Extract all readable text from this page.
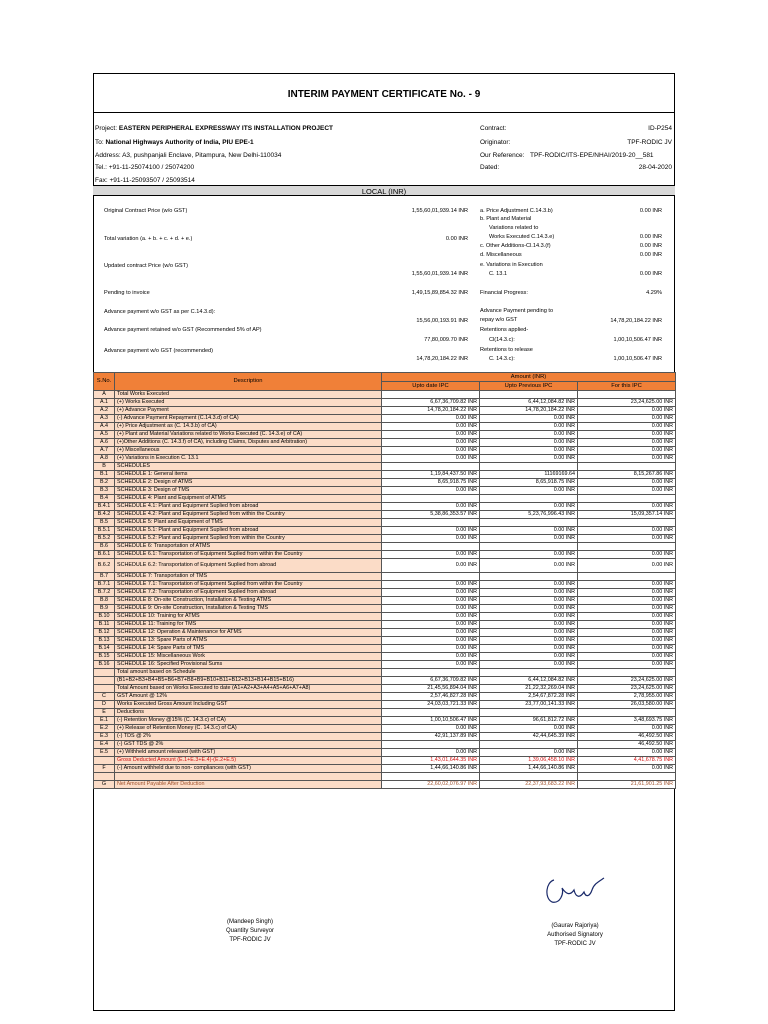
INTERIM PAYMENT CERTIFICATE No. - 9
Project: EASTERN PERIPHERAL EXPRESSWAY ITS INSTALLATION PROJECT
To: National Highways Authority of India, PIU EPE-1
Address: A3, pushpanjali Enclave, Pitampura, New Delhi-110034
Tel.: +91-11-25074100 / 25074200
Fax: +91-11-25093507 / 25093514
Contract:	ID-P254
Originator:	TPF-RODIC JV
Our Reference: TPF-RODIC/ITS-EPE/NHAI/2019-20__581
Dated:	28-04-2020
LOCAL (INR)
Original Contract Price (w/o GST)	1,55,60,01,939.14 INR
Total variation (a. + b. + c. + d. + e.)	0.00 INR
Updated contract Price (w/o GST)
1,55,60,01,939.14 INR
Pending to invoice	1,49,15,89,854.32 INR
Advance payment w/o GST as per C.14.3.d):
15,56,00,193.91 INR
Advance payment retained w/o GST (Recommended 5% of AP)
77,80,009.70 INR
Advance payment w/o GST (recommended)
14,78,20,184.22 INR
a. Price Adjustment C.14.3.b)	0.00 INR
b. Plant and Material
Variations related to
Works Executed C.14.3.e)	0.00 INR
c. Other Additions-Cl.14.3.(f)	0.00 INR
d. Miscellaneous	0.00 INR
e. Variations in Execution
C. 13.1	0.00 INR
Financial Progress:	4.29%
Advance Payment pending to
repay w/o GST	14,78,20,184.22 INR
Retentions applied-
Cl(14.3.c):	1,00,10,506.47 INR
Retentions to release
C. 14.3.c):	1,00,10,506.47 INR
S.No.	Description	Amount (INR)		
		Upto date IPC	Upto Previous IPC	For this IPC
A	Total Works Executed			
A.1	(+) Works Executed	6,67,36,709.82 INR	6,44,12,084.82 INR	23,24,625.00 INR
A.2	(+) Advance Payment	14,78,20,184.22 INR	14,78,20,184.22 INR	0.00 INR
A.3	(-) Advance Payment Repayment (C.14.3.d) of CA)	0.00 INR	0.00 INR	0.00 INR
A.4	(+) Price Adjustment as (C. 14.3.b) of CA)	0.00 INR	0.00 INR	0.00 INR
A.5	(+) Plant and Material Variations related to Works Executed (C. 14.3.e) of CA)	0.00 INR	0.00 INR	0.00 INR
A.6	(+)Other Additions (C. 14.3.f) of CA), including Claims, Disputes and Arbitration)	0.00 INR	0.00 INR	0.00 INR
A.7	(+) Miscellaneous	0.00 INR	0.00 INR	0.00 INR
A.8	(+) Variations in Execution C. 13.1	0.00 INR	0.00 INR	0.00 INR
B	SCHEDULES			
B.1	SCHEDULE 1: General items	1,19,84,437.50 INR	11169169.64	8,15,267.86 INR
B.2	SCHEDULE 2: Design of ATMS	8,65,918.75 INR	8,65,918.75 INR	0.00 INR
B.3	SCHEDULE 3: Design of TMS	0.00 INR	0.00 INR	0.00 INR
B.4	SCHEDULE 4: Plant and Equipment of ATMS			
B.4.1	SCHEDULE 4.1: Plant and Equipment Suplied from abroad	0.00 INR	0.00 INR	0.00 INR
B.4.2	SCHEDULE 4.2: Plant and Equipment Suplied from within the Country	5,38,86,353.57 INR	5,23,76,996.43 INR	15,09,357.14 INR
B.5	SCHEDULE 5: Plant and Equipment of TMS			
B.5.1	SCHEDULE 5.1: Plant and Equipment Suplied from abroad	0.00 INR	0.00 INR	0.00 INR
B.5.2	SCHEDULE 5.2: Plant and Equipment Suplied from within the Country	0.00 INR	0.00 INR	0.00 INR
B.6	SCHEDULE 6: Transportation of ATMS			
B.6.1	SCHEDULE 6.1: Transportation of Equipment Suplied from within the Country	0.00 INR	0.00 INR	0.00 INR
B.6.2	SCHEDULE 6.2: Transportation of Equipment Suplied from abroad	0.00 INR	0.00 INR	0.00 INR
B.7	SCHEDULE 7: Transportation of TMS			
B.7.1	SCHEDULE 7.1: Transportation of Equipment Suplied from within the Country	0.00 INR	0.00 INR	0.00 INR
B.7.2	SCHEDULE 7.2: Transportation of Equipment Suplied from abroad	0.00 INR	0.00 INR	0.00 INR
B.8	SCHEDULE 8: On-site Construction, Installation & Testing ATMS	0.00 INR	0.00 INR	0.00 INR
B.9	SCHEDULE 9: On-site Construction, Installation & Testing TMS	0.00 INR	0.00 INR	0.00 INR
B.10	SCHEDULE 10: Training for ATMS	0.00 INR	0.00 INR	0.00 INR
B.11	SCHEDULE 11: Training for TMS	0.00 INR	0.00 INR	0.00 INR
B.12	SCHEDULE 12: Operation & Maintenance for ATMS	0.00 INR	0.00 INR	0.00 INR
B.13	SCHEDULE 13: Spare Parts of ATMS	0.00 INR	0.00 INR	0.00 INR
B.14	SCHEDULE 14: Spare Parts of TMS	0.00 INR	0.00 INR	0.00 INR
B.15	SCHEDULE 15: Miscellaneous Work	0.00 INR	0.00 INR	0.00 INR
B.16	SCHEDULE 16: Specified Provisional Sums	0.00 INR	0.00 INR	0.00 INR
	Total amount based on Schedule			
	(B1+B2+B3+B4+B5+B6+B7+B8+B9+B10+B11+B12+B13+B14+B15+B16)	6,67,36,709.82 INR	6,44,12,084.82 INR	23,24,625.00 INR
	Total Amount based on Works Executed to date (A1+A2+A3+A4+A5+A6+A7+A8)	21,45,56,894.04 INR	21,22,32,269.04 INR	23,24,625.00 INR
C	GST Amount @ 12%	2,57,46,827.28 INR	2,54,67,872.28 INR	2,78,955.00 INR
D	Works Executed Gross Amount Including GST	24,03,03,721.33 INR	23,77,00,141.33 INR	26,03,580.00 INR
E	Deductions			
E.1	(-) Retention Money @15% (C. 14.3.c) of CA)	1,00,10,506.47 INR	96,61,812.72 INR	3,48,693.75 INR
E.2	(+) Release of Retention Money (C. 14.3.c) of CA)	0.00 INR	0.00 INR	0.00 INR
E.3	(-) TDS @ 2%	42,91,137.89 INR	42,44,645.39 INR	46,492.50 INR
E.4	(-) GST TDS @ 2%			46,492.50 INR
E.5	(+) Withheld amount released (with GST)	0.00 INR	0.00 INR	0.00 INR
	Gross Deducted Amount (E.1+E.3+E.4)-(E.2+E.5)	1,43,01,644.35 INR	1,39,06,458.10 INR	4,41,678.75 INR
F	(-) Amount withheld due to non- compliances (with GST)	1,44,66,140.86 INR	1,44,66,140.86 INR	0.00 INR

G	Net Amount Payable After Deduction	22,60,02,076.97 INR	22,37,93,683.22 INR	21,61,901.25 INR
Gaurav
(Mandeep Singh)
Quantity Surveyor
TPF-RODIC JV
(Gaurav Rajoriya)
Authorised Signatory
TPF-RODIC JV
